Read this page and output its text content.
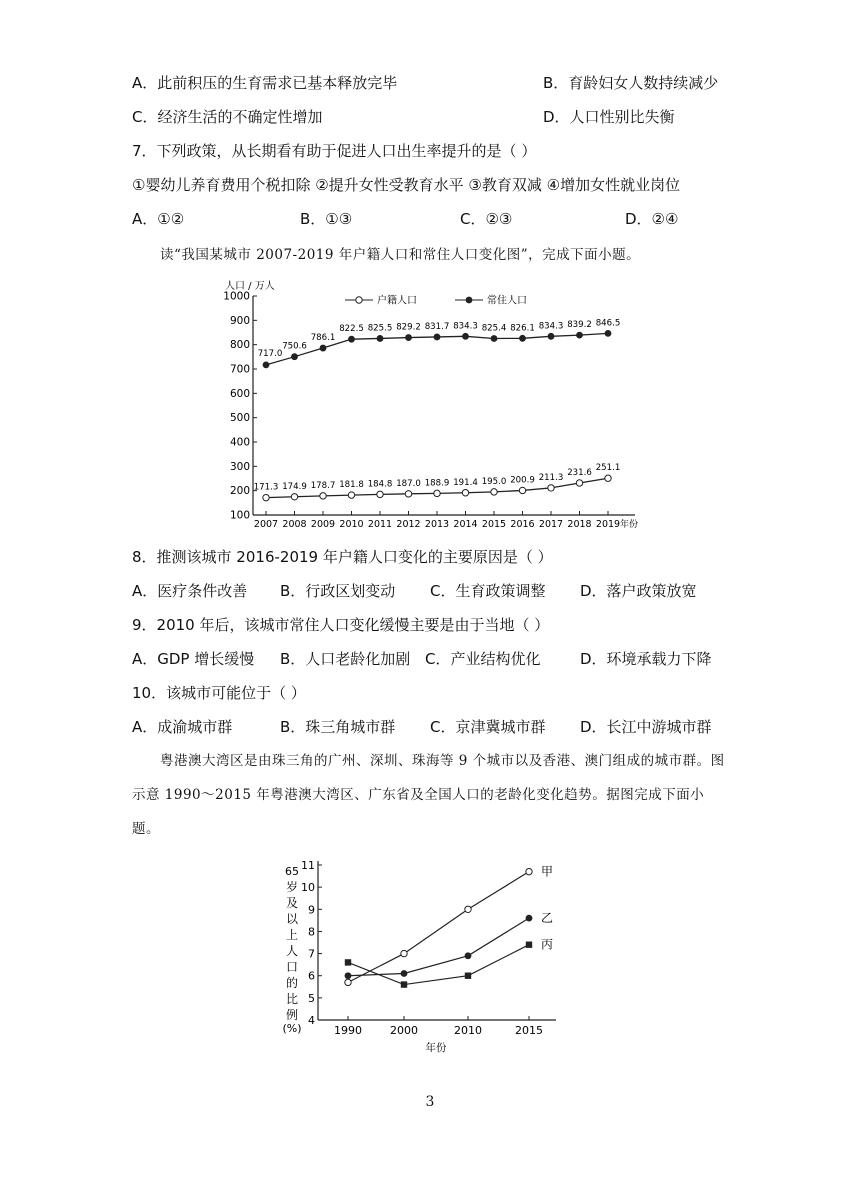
A．此前积压的生育需求已基本释放完毕	B．育龄妇女人数持续减少
C．经济生活的不确定性增加	D．人口性别比失衡
7．下列政策，从长期看有助于促进人口出生率提升的是（ ）
①婴幼儿养育费用个税扣除 ②提升女性受教育水平 ③教育双减 ④增加女性就业岗位
A．①②	B．①③	C．②③	D．②④
读“我国某城市 2007-2019 年户籍人口和常住人口变化图”，完成下面小题。
人口 / 万人
100
200
300
400
500
600
700
800
900
1000
2007 2008 2009 2010 2011 2012 2013 2014 2015 2016 2017 2018 2019 年份
户籍人口	常住人口
171.3 174.9 178.7 181.8 184.8 187.0 188.9 191.4 195.0 200.9 211.3 231.6 251.1
717.0
750.6
786.1
822.5 825.5 829.2 831.7 834.3 825.4 826.1 834.3 839.2 846.5
8．推测该城市 2016-2019 年户籍人口变化的主要原因是（ ）
A．医疗条件改善 B．行政区划变动 C．生育政策调整 D．落户政策放宽
9．2010 年后，该城市常住人口变化缓慢主要是由于当地（ ）
A．GDP 增长缓慢 B．人口老龄化加剧 C．产业结构优化	D．环境承载力下降
10．该城市可能位于（ ）
A．成渝城市群	B．珠三角城市群 C．京津冀城市群 D．长江中游城市群
粤港澳大湾区是由珠三角的广州、深圳、珠海等 9 个城市以及香港、澳门组成的城市群。图
示意 1990～2015 年粤港澳大湾区、广东省及全国人口的老龄化变化趋势。据图完成下面小
题。
65
岁
及
以
上
人
口
的
比
例
(%)
4
5
6
7
8
9
10
11
1990	2000	2010	2015
年份
甲
乙
丙
3
